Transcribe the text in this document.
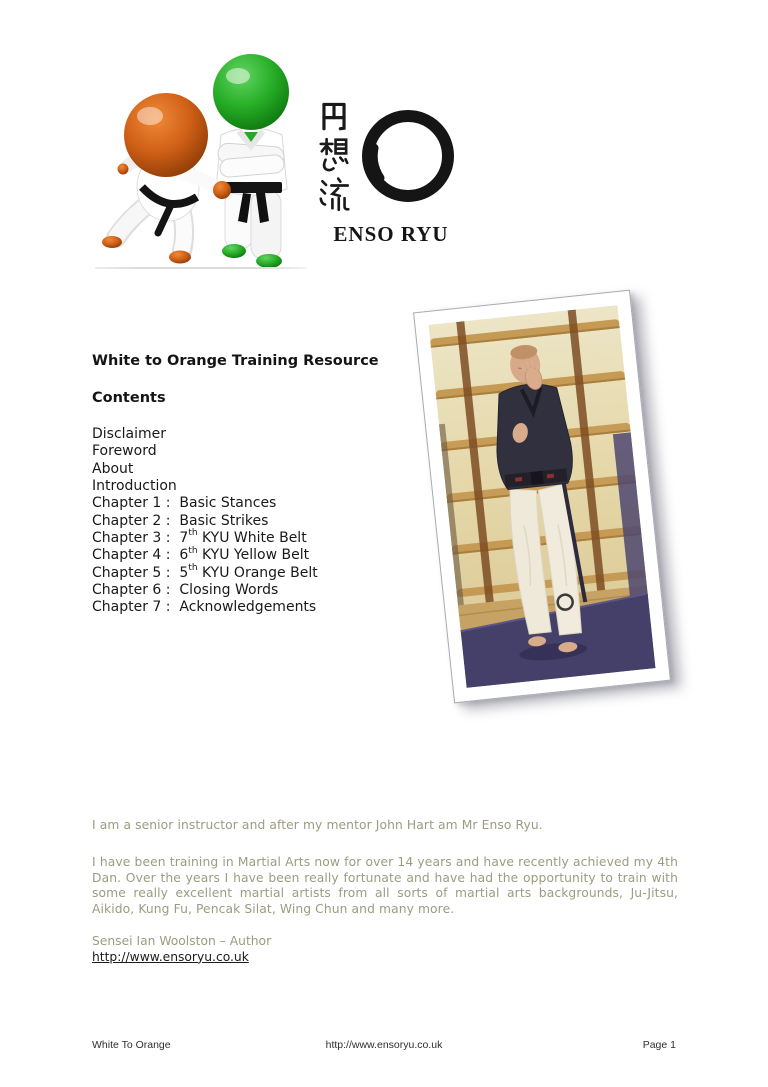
ENSO RYU
White to Orange Training Resource
Contents
Disclaimer
Foreword
About
Introduction
Chapter 1 :  Basic Stances
Chapter 2 :  Basic Strikes
Chapter 3 :  7th KYU White Belt
Chapter 4 :  6th KYU Yellow Belt
Chapter 5 :  5th KYU Orange Belt
Chapter 6 :  Closing Words
Chapter 7 :  Acknowledgements
I am a senior instructor and after my mentor John Hart am Mr Enso Ryu.
I have been training in Martial Arts now for over 14 years and have recently achieved my 4th Dan. Over the years I have been really fortunate and have had the opportunity to train with some really excellent martial artists from all sorts of martial arts backgrounds, Ju-Jitsu, Aikido, Kung Fu, Pencak Silat, Wing Chun and many more.
Sensei Ian Woolston – Author
http://www.ensoryu.co.uk
http://www.ensoryu.co.uk
White To Orange	Page 1
